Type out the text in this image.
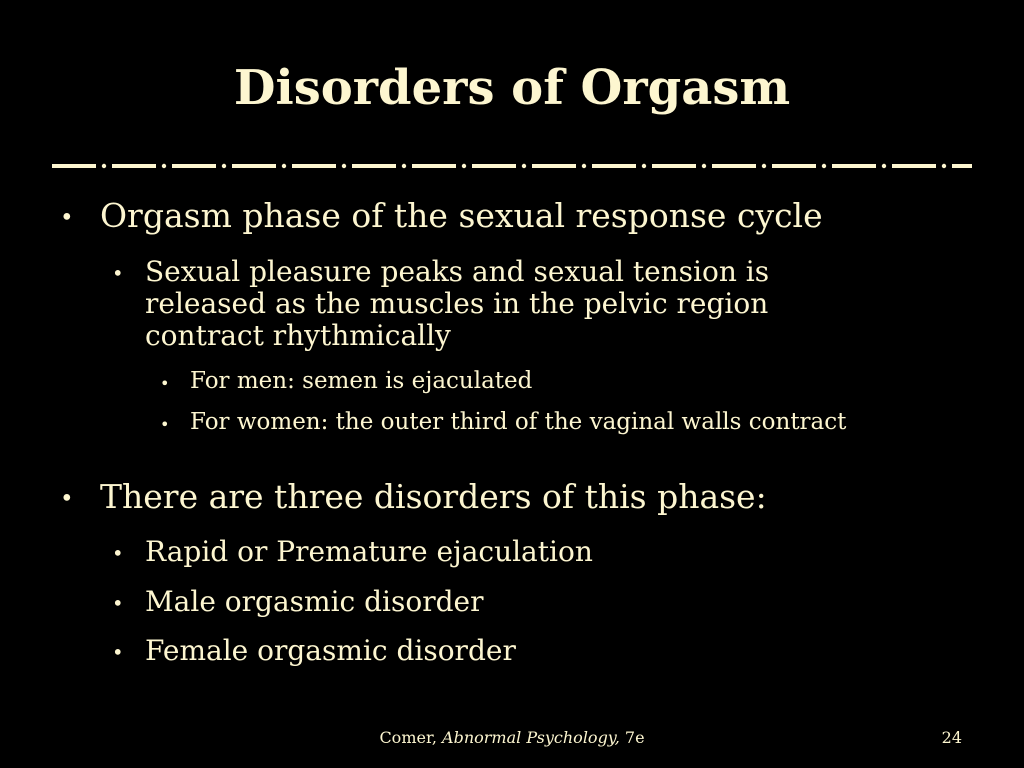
Disorders of Orgasm
• Orgasm phase of the sexual response cycle
• Sexual pleasure peaks and sexual tension is released as the muscles in the pelvic region contract rhythmically
• For men: semen is ejaculated
• For women: the outer third of the vaginal walls contract
• There are three disorders of this phase:
• Rapid or Premature ejaculation
• Male orgasmic disorder
• Female orgasmic disorder
Comer, Abnormal Psychology, 7e	24
